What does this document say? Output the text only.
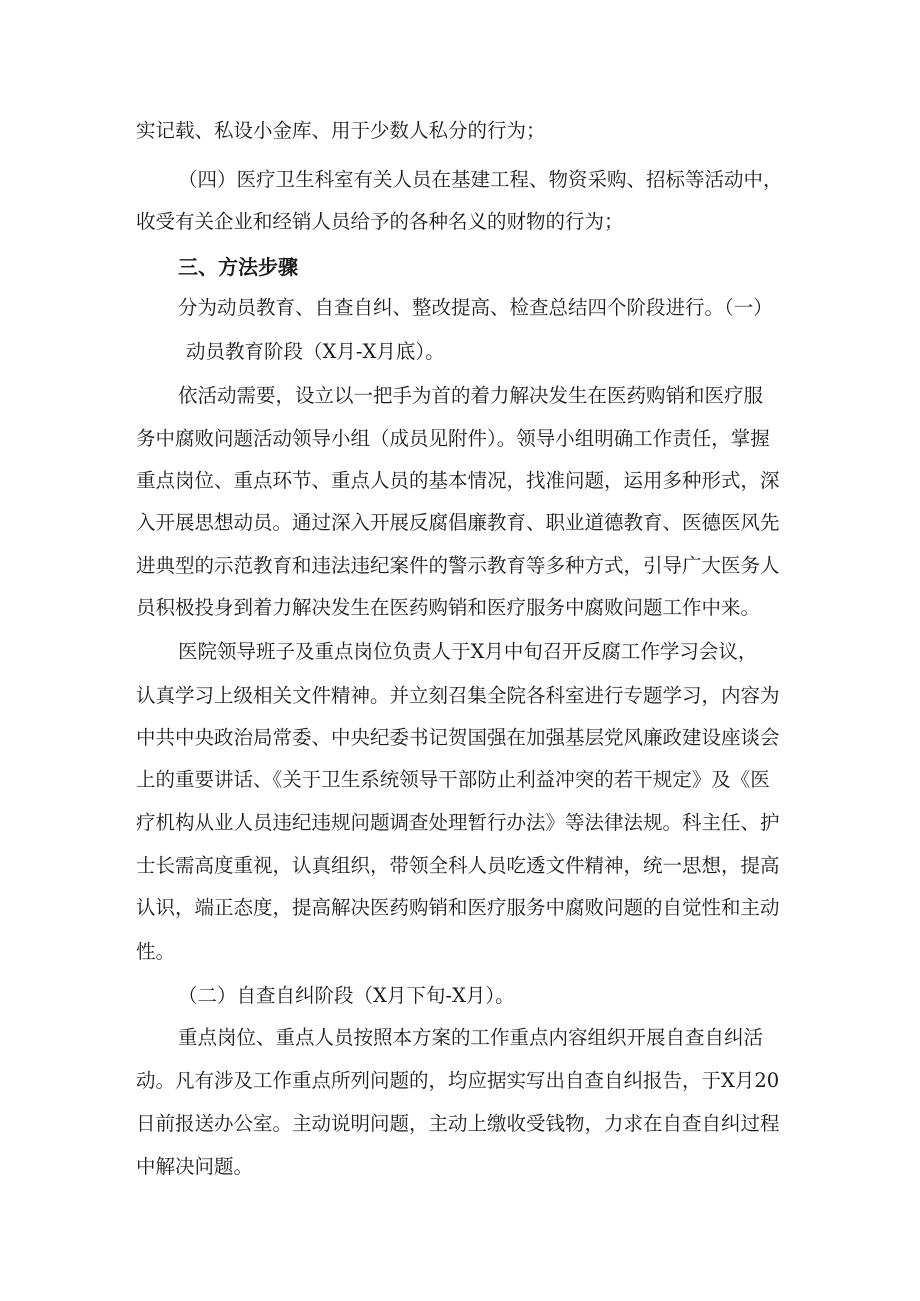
实记载、私设小金库、用于少数人私分的行为；
（四）医疗卫生科室有关人员在基建工程、物资采购、招标等活动中，
收受有关企业和经销人员给予的各种名义的财物的行为；
三、方法步骤
分为动员教育、自查自纠、整改提高、检查总结四个阶段进行。（一）
动员教育阶段（X月-X月底）。
依活动需要，设立以一把手为首的着力解决发生在医药购销和医疗服
务中腐败问题活动领导小组（成员见附件）。领导小组明确工作责任，掌握
重点岗位、重点环节、重点人员的基本情况，找准问题，运用多种形式，深
入开展思想动员。通过深入开展反腐倡廉教育、职业道德教育、医德医风先
进典型的示范教育和违法违纪案件的警示教育等多种方式，引导广大医务人
员积极投身到着力解决发生在医药购销和医疗服务中腐败问题工作中来。
医院领导班子及重点岗位负责人于X月中旬召开反腐工作学习会议，
认真学习上级相关文件精神。并立刻召集全院各科室进行专题学习，内容为
中共中央政治局常委、中央纪委书记贺国强在加强基层党风廉政建设座谈会
上的重要讲话、《关于卫生系统领导干部防止利益冲突的若干规定》及《医
疗机构从业人员违纪违规问题调查处理暂行办法》等法律法规。科主任、护
士长需高度重视，认真组织，带领全科人员吃透文件精神，统一思想，提高
认识，端正态度，提高解决医药购销和医疗服务中腐败问题的自觉性和主动
性。
（二）自查自纠阶段（X月下旬-X月）。
重点岗位、重点人员按照本方案的工作重点内容组织开展自查自纠活
动。凡有涉及工作重点所列问题的，均应据实写出自查自纠报告，于X月20
日前报送办公室。主动说明问题，主动上缴收受钱物，力求在自查自纠过程
中解决问题。
